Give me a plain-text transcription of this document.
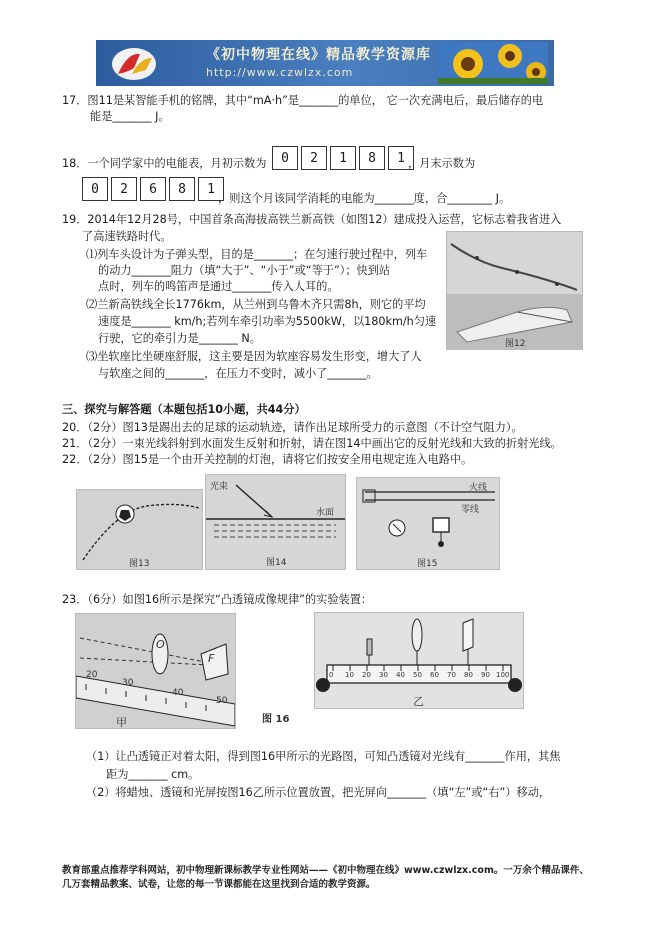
《初中物理在线》精品教学资源库
http://www.czwlzx.com
17．图11是某智能手机的铭牌，其中“mA·h”是_______的单位， 它一次充满电后，最后储存的电
能是_______ J。
18．一个同学家中的电能表，月初示数为	0	2	1	8	1 ，月末示数为
0	2	6	8	1
，则这个月该同学消耗的电能为_______度，合________ J。
19．2014年12月28号，中国首条高海拔高铁兰新高铁（如图12）建成投入运营，它标志着我省进入
了高速铁路时代。
⑴列车头设计为子弹头型，目的是_______；在匀速行驶过程中，列车
的动力_______阻力（填“大于”、“小于”或“等于”）；快到站
点时，列车的鸣笛声是通过_______传入人耳的。
⑵兰新高铁线全长1776km，从兰州到乌鲁木齐只需8h，则它的平均
速度是_______ km/h;若列车牵引功率为5500kW，以180km/h匀速
行驶，它的牵引力是_______ N。
⑶坐软座比坐硬座舒服，这主要是因为软座容易发生形变，增大了人
与软座之间的_______，在压力不变时，减小了_______。
图12
三、探究与解答题（本题包括10小题，共44分）
20．（2分）图13是踢出去的足球的运动轨迹，请作出足球所受力的示意图（不计空气阻力）。
21．（2分）一束光线斜射到水面发生反射和折射，请在图14中画出它的反射光线和大致的折射光线。
22．（2分）图15是一个由开关控制的灯泡，请将它们按安全用电规定连入电路中。
图13
光束
水面
图14
火线
零线
图15
23．（6分）如图16所示是探究“凸透镜成像规律”的实验装置：
O
F
20
30
40
50
甲	图 16
0 10 20 30 40 50 60 70 80 90 100
乙
（1）让凸透镜正对着太阳，得到图16甲所示的光路图，可知凸透镜对光线有_______作用，其焦
距为_______ cm。
（2）将蜡烛、透镜和光屏按图16乙所示位置放置，把光屏向_______（填“左”或“右”）移动，
教育部重点推荐学科网站，初中物理新课标教学专业性网站——《初中物理在线》www.czwlzx.com。一万余个精品课件、
几万套精品教案、试卷，让您的每一节课都能在这里找到合适的教学资源。
